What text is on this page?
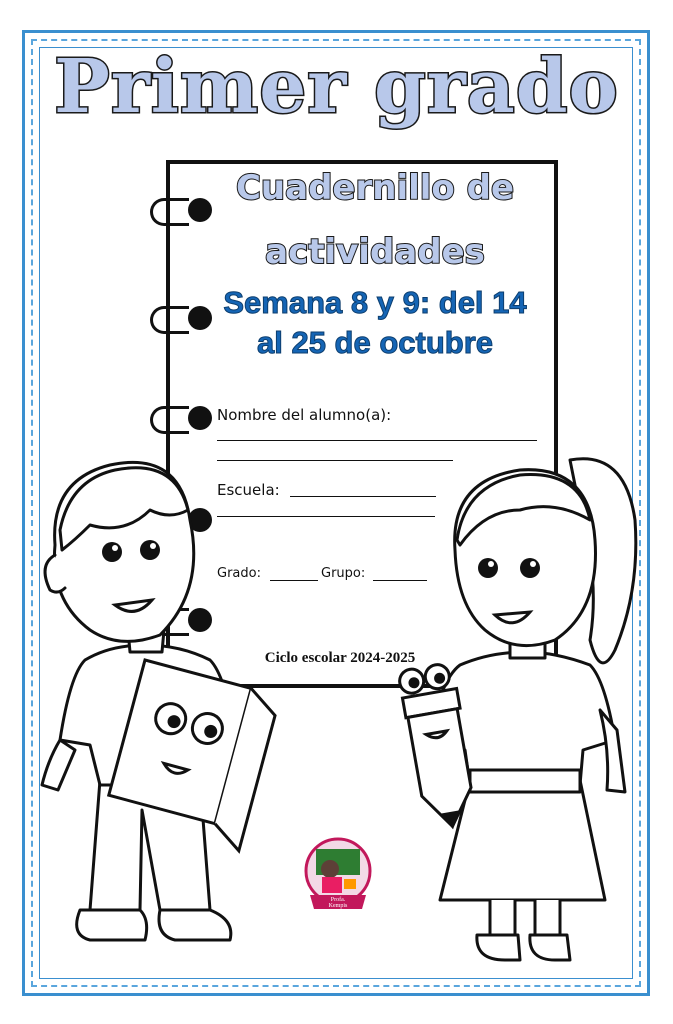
Primer grado
Cuadernillo de
actividades
Semana 8 y 9: del 14
al 25 de octubre
Nombre del alumno(a):
Escuela:
Grado:	Grupo:
Ciclo escolar 2024-2025
Profa.
Kempis
